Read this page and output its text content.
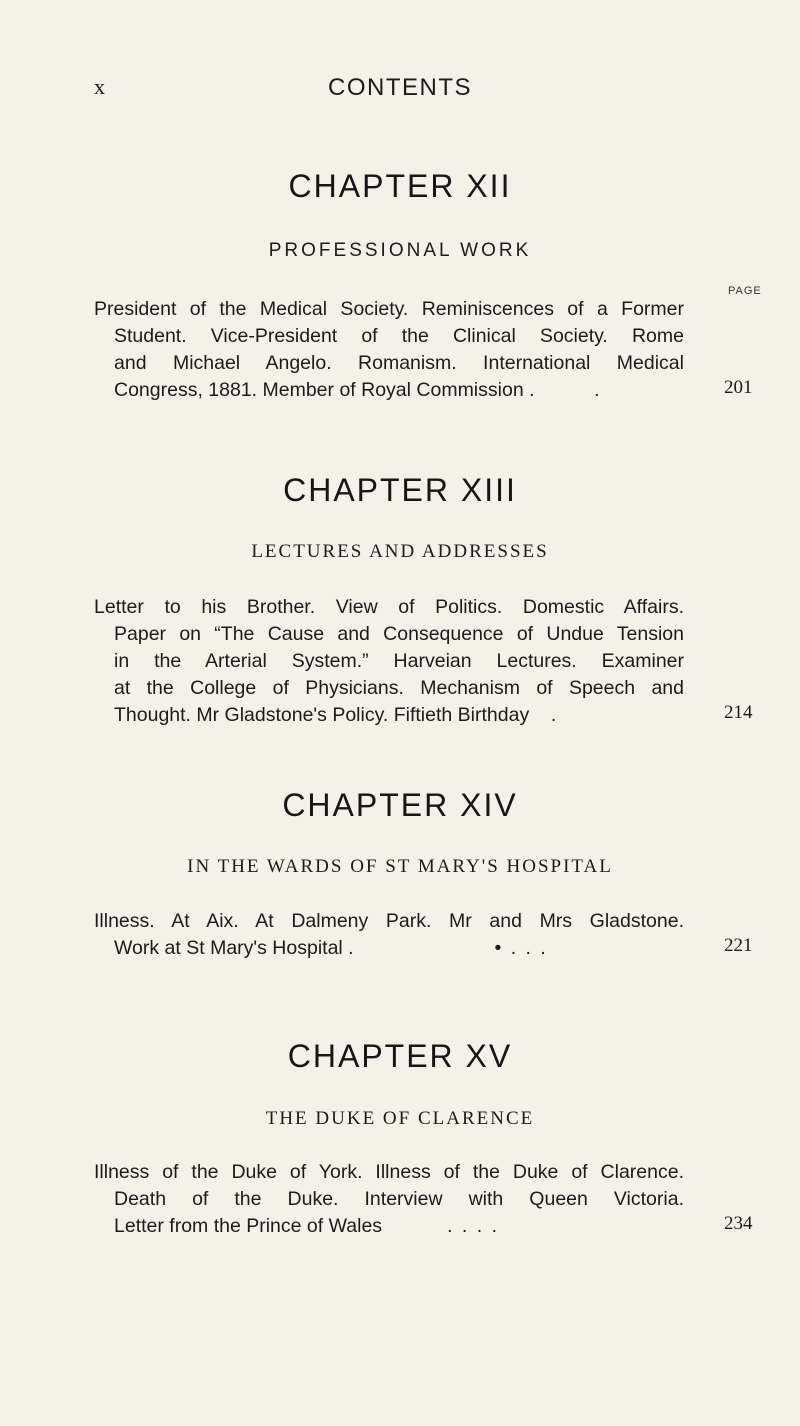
x	CONTENTS
CHAPTER XII
PROFESSIONAL WORK
PAGE
President of the Medical Society. Reminiscences of a Former
Student. Vice-President of the Clinical Society. Rome
and Michael Angelo. Romanism. International Medical
Congress, 1881. Member of Royal Commission .	.	201
CHAPTER XIII
LECTURES AND ADDRESSES
Letter to his Brother. View of Politics. Domestic Affairs.
Paper on “The Cause and Consequence of Undue Tension
in the Arterial System.” Harveian Lectures. Examiner
at the College of Physicians. Mechanism of Speech and
Thought. Mr Gladstone's Policy. Fiftieth Birthday .	214
CHAPTER XIV
IN THE WARDS OF ST MARY'S HOSPITAL
Illness. At Aix. At Dalmeny Park. Mr and Mrs Gladstone.
Work at St Mary's Hospital .	• . . .	221
CHAPTER XV
THE DUKE OF CLARENCE
Illness of the Duke of York. Illness of the Duke of Clarence.
Death of the Duke. Interview with Queen Victoria.
Letter from the Prince of Wales	. . . .	234
